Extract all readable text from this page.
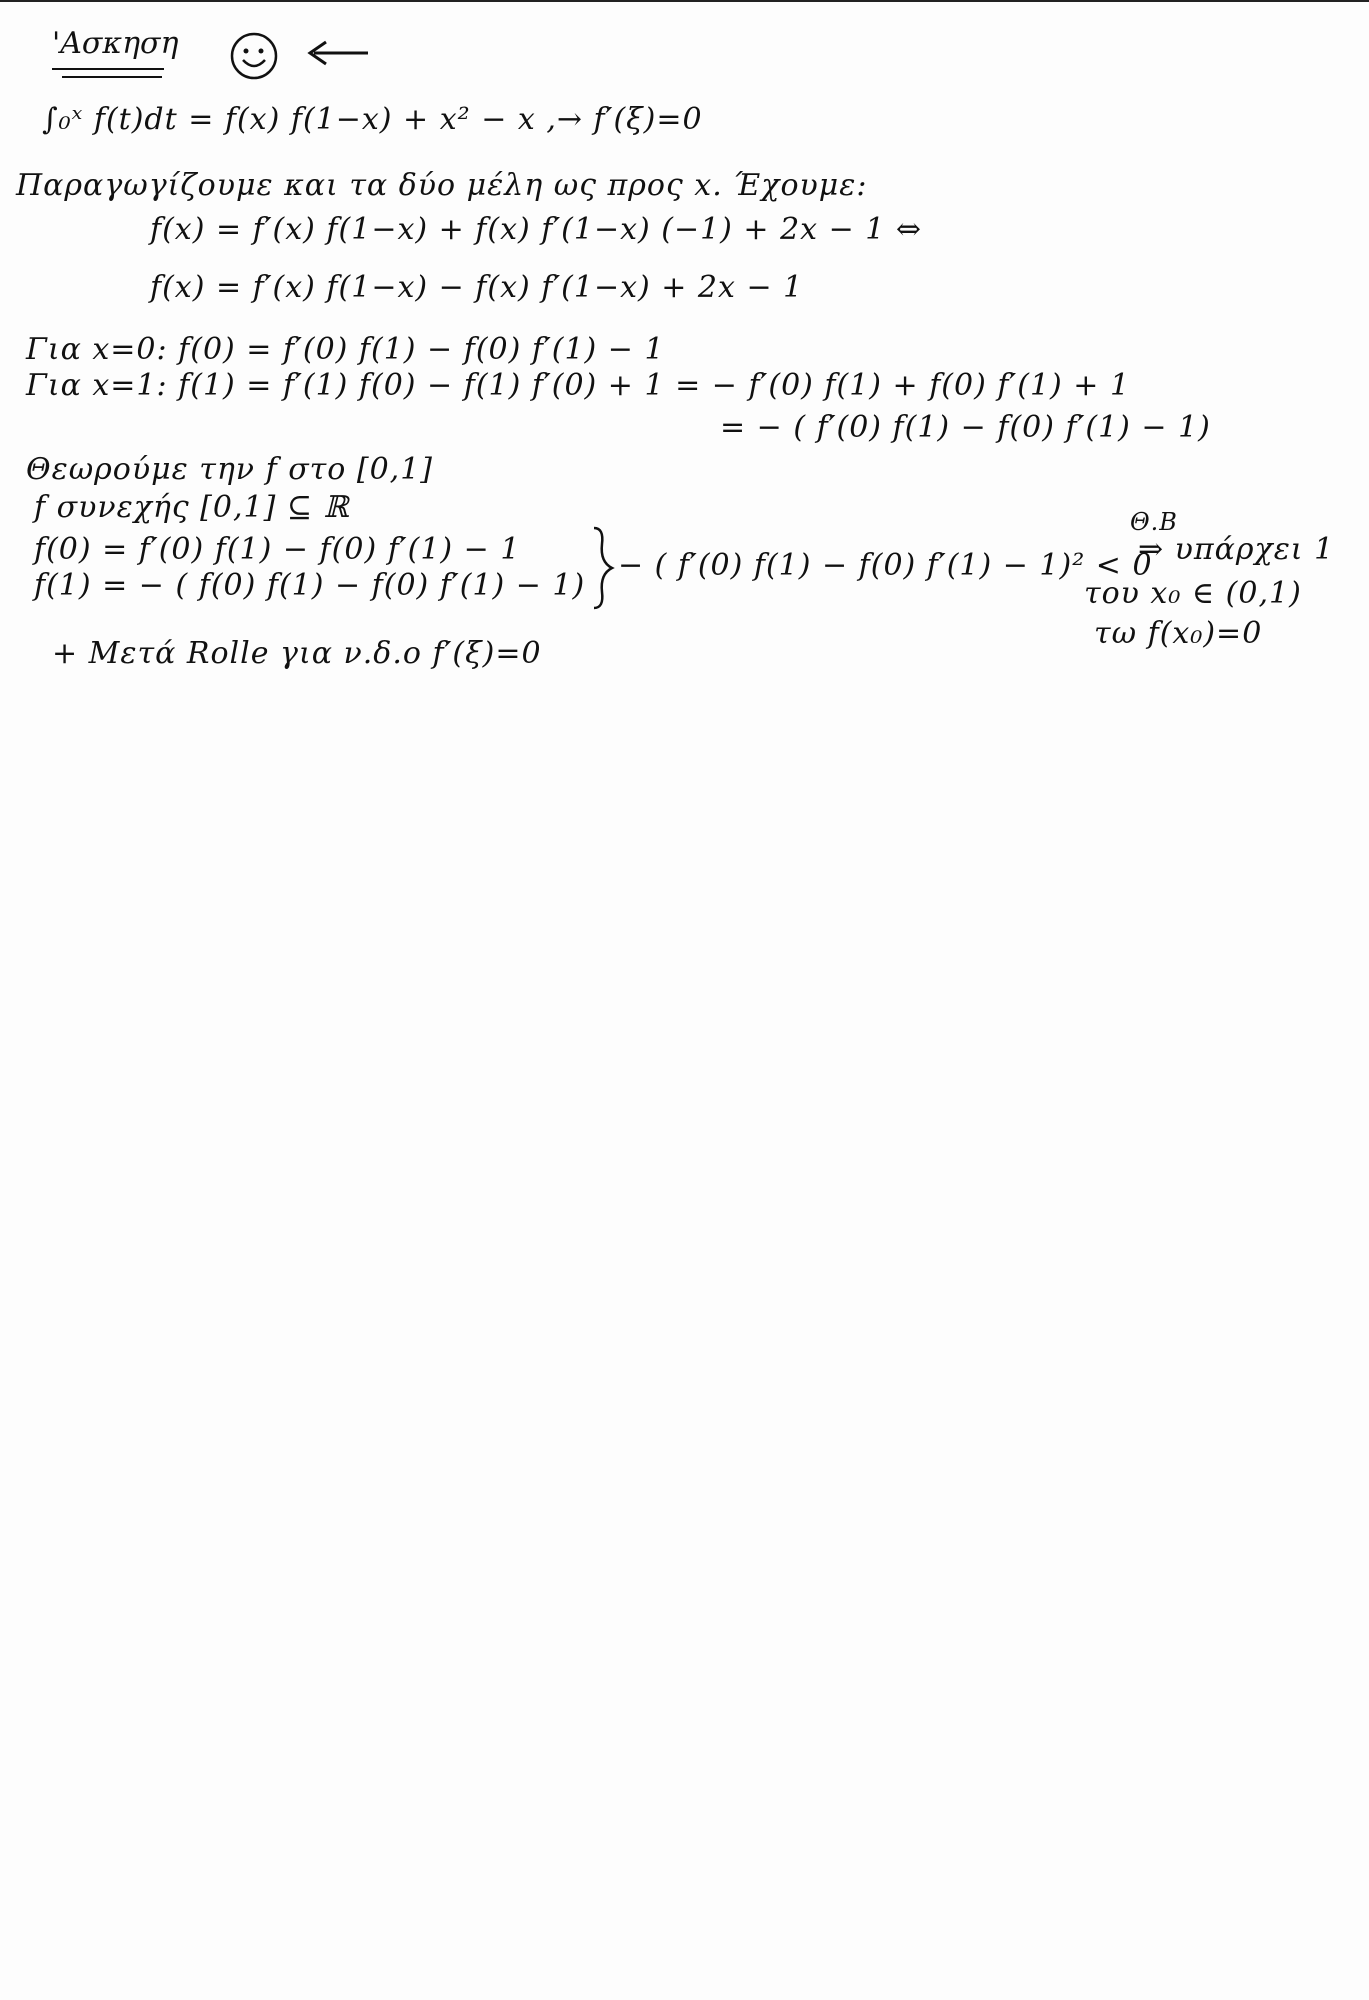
'Ασκηση
∫₀ˣ f(t)dt = f(x) f(1−x) + x² − x ,→ f′(ξ)=0
Παραγωγίζουμε και τα δύο μέλη ως προς x. Έχουμε:
f(x) = f′(x) f(1−x) + f(x) f′(1−x) (−1) + 2x − 1 ⇔
f(x) = f′(x) f(1−x) − f(x) f′(1−x) + 2x − 1
Για x=0: f(0) = f′(0) f(1) − f(0) f′(1) − 1
Για x=1: f(1) = f′(1) f(0) − f(1) f′(0) + 1 = − f′(0) f(1) + f(0) f′(1) + 1
= − ( f′(0) f(1) − f(0) f′(1) − 1)
Θεωρούμε την f στο [0,1]
f συνεχής [0,1] ⊆ ℝ
f(0) = f′(0) f(1) − f(0) f′(1) − 1
f(1) = − ( f(0) f(1) − f(0) f′(1) − 1)
− ( f′(0) f(1) − f(0) f′(1) − 1)² < 0
Θ.Β
⇒ υπάρχει 1
του x₀ ∈ (0,1)
τω f(x₀)=0
+ Μετά Rolle για ν.δ.ο f′(ξ)=0
